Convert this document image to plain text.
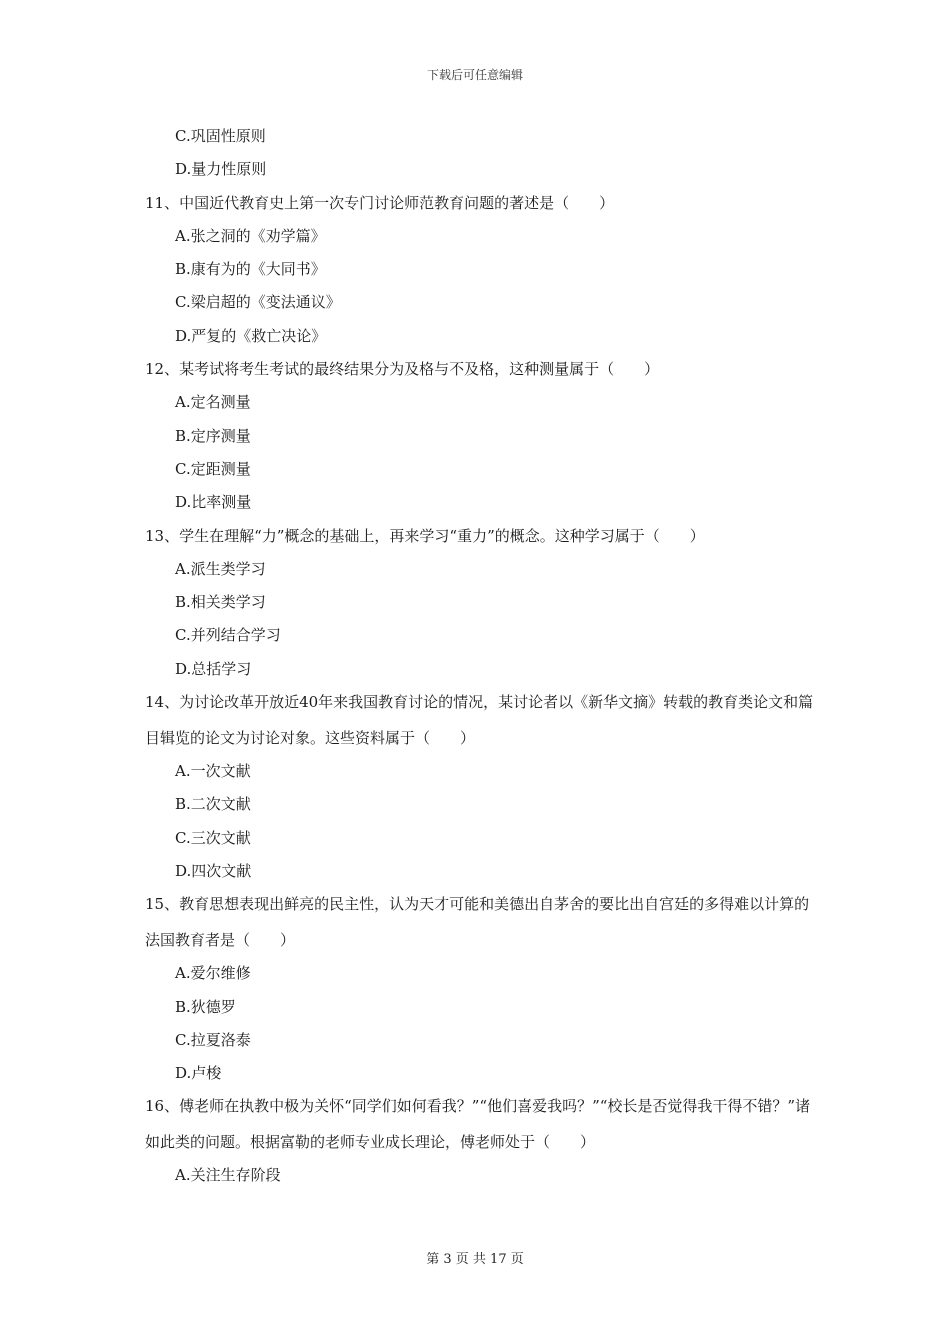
下载后可任意编辑
C.巩固性原则
D.量力性原则
11、中国近代教育史上第一次专门讨论师范教育问题的著述是（　　）
A.张之洞的《劝学篇》
B.康有为的《大同书》
C.梁启超的《变法通议》
D.严复的《救亡决论》
12、某考试将考生考试的最终结果分为及格与不及格，这种测量属于（　　）
A.定名测量
B.定序测量
C.定距测量
D.比率测量
13、学生在理解“力”概念的基础上，再来学习“重力”的概念。这种学习属于（　　）
A.派生类学习
B.相关类学习
C.并列结合学习
D.总括学习
14、为讨论改革开放近40年来我国教育讨论的情况，某讨论者以《新华文摘》转载的教育类论文和篇目辑览的论文为讨论对象。这些资料属于（　　）
A.一次文献
B.二次文献
C.三次文献
D.四次文献
15、教育思想表现出鲜亮的民主性，认为天才可能和美德出自茅舍的要比出自宫廷的多得难以计算的法国教育者是（　　）
A.爱尔维修
B.狄德罗
C.拉夏洛泰
D.卢梭
16、傅老师在执教中极为关怀“同学们如何看我？”“他们喜爱我吗？”“校长是否觉得我干得不错？”诸如此类的问题。根据富勒的老师专业成长理论，傅老师处于（　　）
A.关注生存阶段
第 3 页 共 17 页
